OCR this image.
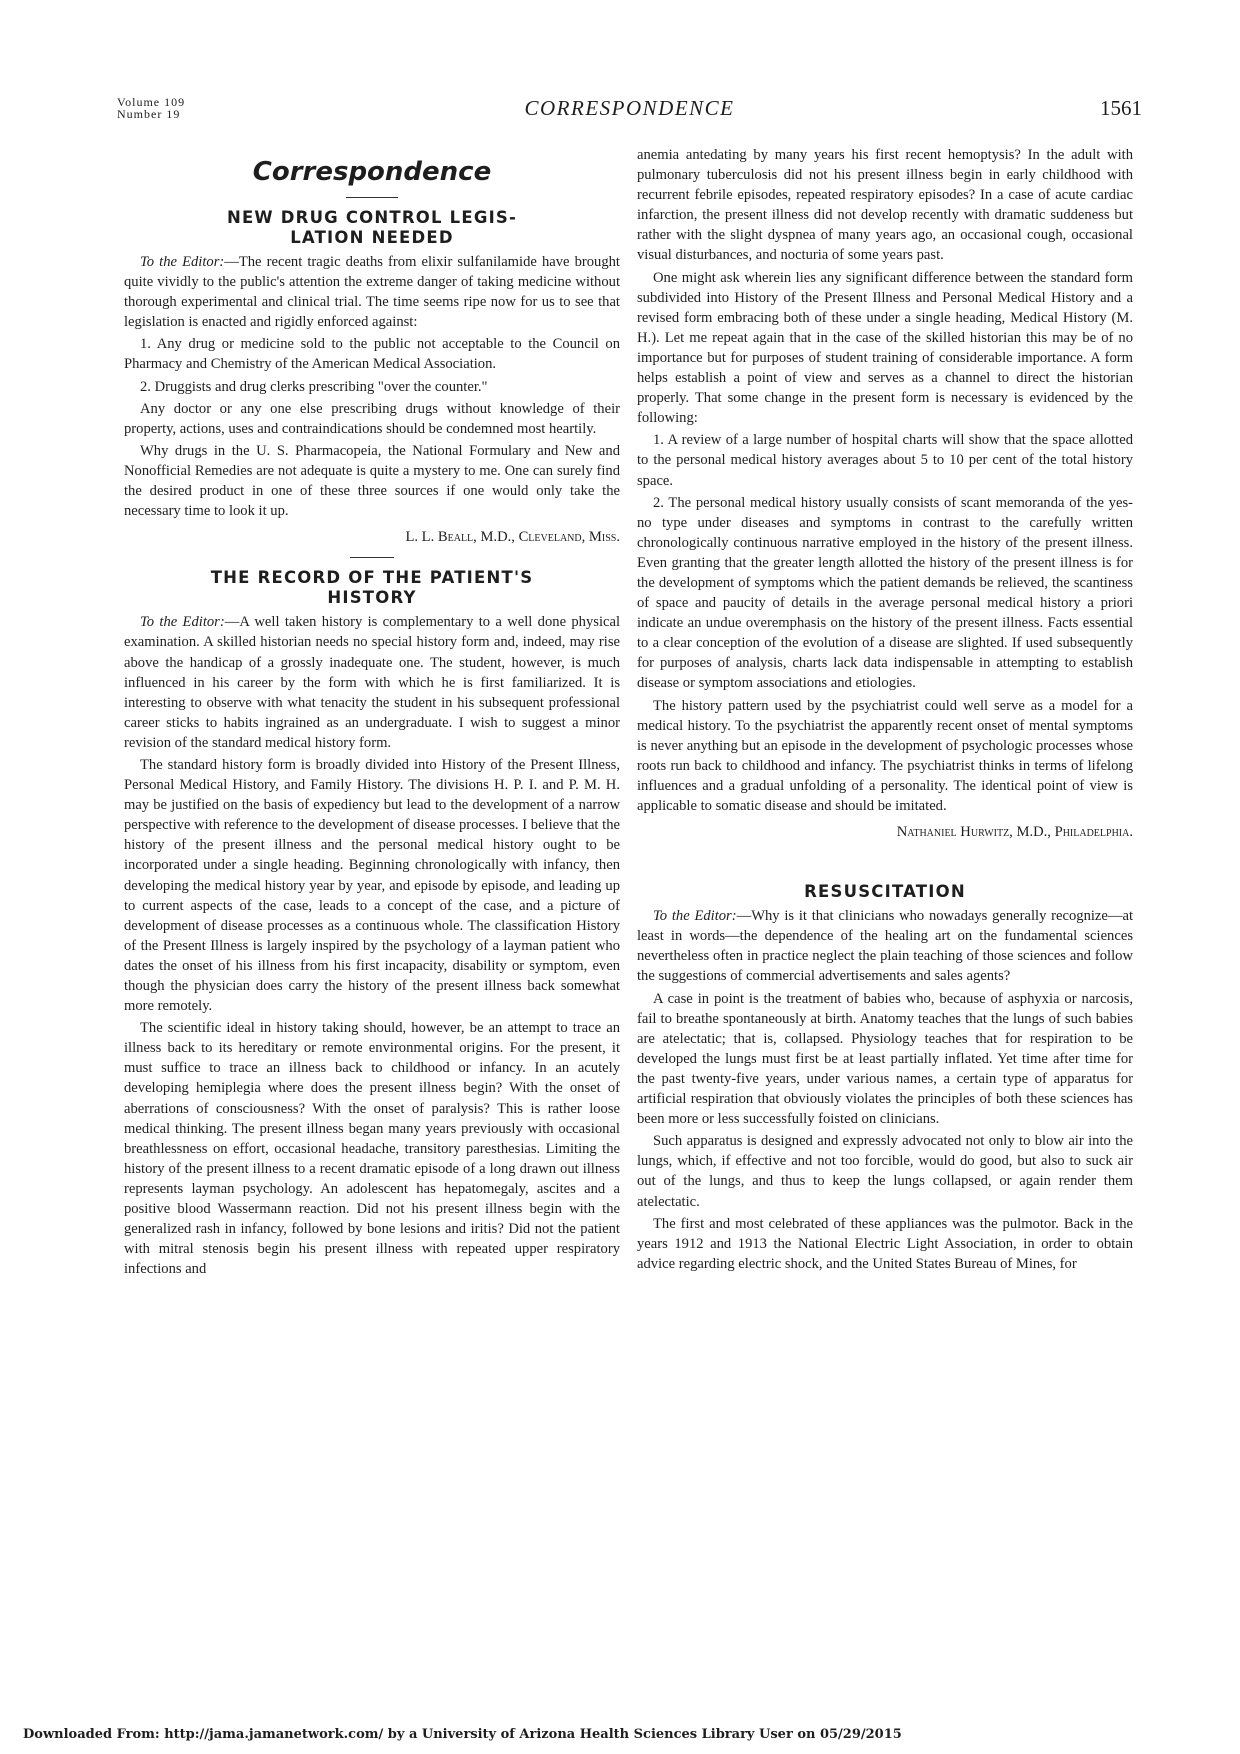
Volume 109
Number 19	CORRESPONDENCE	1561
Correspondence
NEW DRUG CONTROL LEGIS-
LATION NEEDED

To the Editor:—The recent tragic deaths from elixir sulfanilamide have brought quite vividly to the public's attention the extreme danger of taking medicine without thorough experimental and clinical trial. The time seems ripe now for us to see that legislation is enacted and rigidly enforced against:

1. Any drug or medicine sold to the public not acceptable to the Council on Pharmacy and Chemistry of the American Medical Association.

2. Druggists and drug clerks prescribing "over the counter."

Any doctor or any one else prescribing drugs without knowledge of their property, actions, uses and contraindications should be condemned most heartily.

Why drugs in the U. S. Pharmacopeia, the National Formulary and New and Nonofficial Remedies are not adequate is quite a mystery to me. One can surely find the desired product in one of these three sources if one would only take the necessary time to look it up.

L. L. Beall, M.D., Cleveland, Miss.

THE RECORD OF THE PATIENT'S
HISTORY

To the Editor:—A well taken history is complementary to a well done physical examination. A skilled historian needs no special history form and, indeed, may rise above the handicap of a grossly inadequate one. The student, however, is much influenced in his career by the form with which he is first familiarized. It is interesting to observe with what tenacity the student in his subsequent professional career sticks to habits ingrained as an undergraduate. I wish to suggest a minor revision of the standard medical history form.

The standard history form is broadly divided into History of the Present Illness, Personal Medical History, and Family History. The divisions H. P. I. and P. M. H. may be justified on the basis of expediency but lead to the development of a narrow perspective with reference to the development of disease processes. I believe that the history of the present illness and the personal medical history ought to be incorporated under a single heading. Beginning chronologically with infancy, then developing the medical history year by year, and episode by episode, and leading up to current aspects of the case, leads to a concept of the case, and a picture of development of disease processes as a continuous whole. The classification History of the Present Illness is largely inspired by the psychology of a layman patient who dates the onset of his illness from his first incapacity, disability or symptom, even though the physician does carry the history of the present illness back somewhat more remotely.

The scientific ideal in history taking should, however, be an attempt to trace an illness back to its hereditary or remote environmental origins. For the present, it must suffice to trace an illness back to childhood or infancy. In an acutely developing hemiplegia where does the present illness begin? With the onset of aberrations of consciousness? With the onset of paralysis? This is rather loose medical thinking. The present illness began many years previously with occasional breathlessness on effort, occasional headache, transitory paresthesias. Limiting the history of the present illness to a recent dramatic episode of a long drawn out illness represents layman psychology. An adolescent has hepatomegaly, ascites and a positive blood Wassermann reaction. Did not his present illness begin with the generalized rash in infancy, followed by bone lesions and iritis? Did not the patient with mitral stenosis begin his present illness with repeated upper respiratory infections and

anemia antedating by many years his first recent hemoptysis? In the adult with pulmonary tuberculosis did not his present illness begin in early childhood with recurrent febrile episodes, repeated respiratory episodes? In a case of acute cardiac infarction, the present illness did not develop recently with dramatic suddeness but rather with the slight dyspnea of many years ago, an occasional cough, occasional visual disturbances, and nocturia of some years past.

One might ask wherein lies any significant difference between the standard form subdivided into History of the Present Illness and Personal Medical History and a revised form embracing both of these under a single heading, Medical History (M. H.). Let me repeat again that in the case of the skilled historian this may be of no importance but for purposes of student training of considerable importance. A form helps establish a point of view and serves as a channel to direct the historian properly. That some change in the present form is necessary is evidenced by the following:

1. A review of a large number of hospital charts will show that the space allotted to the personal medical history averages about 5 to 10 per cent of the total history space.

2. The personal medical history usually consists of scant memoranda of the yes-no type under diseases and symptoms in contrast to the carefully written chronologically continuous narrative employed in the history of the present illness. Even granting that the greater length allotted the history of the present illness is for the development of symptoms which the patient demands be relieved, the scantiness of space and paucity of details in the average personal medical history a priori indicate an undue overemphasis on the history of the present illness. Facts essential to a clear conception of the evolution of a disease are slighted. If used subsequently for purposes of analysis, charts lack data indispensable in attempting to establish disease or symptom associations and etiologies.

The history pattern used by the psychiatrist could well serve as a model for a medical history. To the psychiatrist the apparently recent onset of mental symptoms is never anything but an episode in the development of psychologic processes whose roots run back to childhood and infancy. The psychiatrist thinks in terms of lifelong influences and a gradual unfolding of a personality. The identical point of view is applicable to somatic disease and should be imitated.

Nathaniel Hurwitz, M.D., Philadelphia.

RESUSCITATION

To the Editor:—Why is it that clinicians who nowadays generally recognize—at least in words—the dependence of the healing art on the fundamental sciences nevertheless often in practice neglect the plain teaching of those sciences and follow the suggestions of commercial advertisements and sales agents?

A case in point is the treatment of babies who, because of asphyxia or narcosis, fail to breathe spontaneously at birth. Anatomy teaches that the lungs of such babies are atelectatic; that is, collapsed. Physiology teaches that for respiration to be developed the lungs must first be at least partially inflated. Yet time after time for the past twenty-five years, under various names, a certain type of apparatus for artificial respiration that obviously violates the principles of both these sciences has been more or less successfully foisted on clinicians.

Such apparatus is designed and expressly advocated not only to blow air into the lungs, which, if effective and not too forcible, would do good, but also to suck air out of the lungs, and thus to keep the lungs collapsed, or again render them atelectatic.

The first and most celebrated of these appliances was the pulmotor. Back in the years 1912 and 1913 the National Electric Light Association, in order to obtain advice regarding electric shock, and the United States Bureau of Mines, for

Downloaded From: http://jama.jamanetwork.com/ by a University of Arizona Health Sciences Library User on 05/29/2015
